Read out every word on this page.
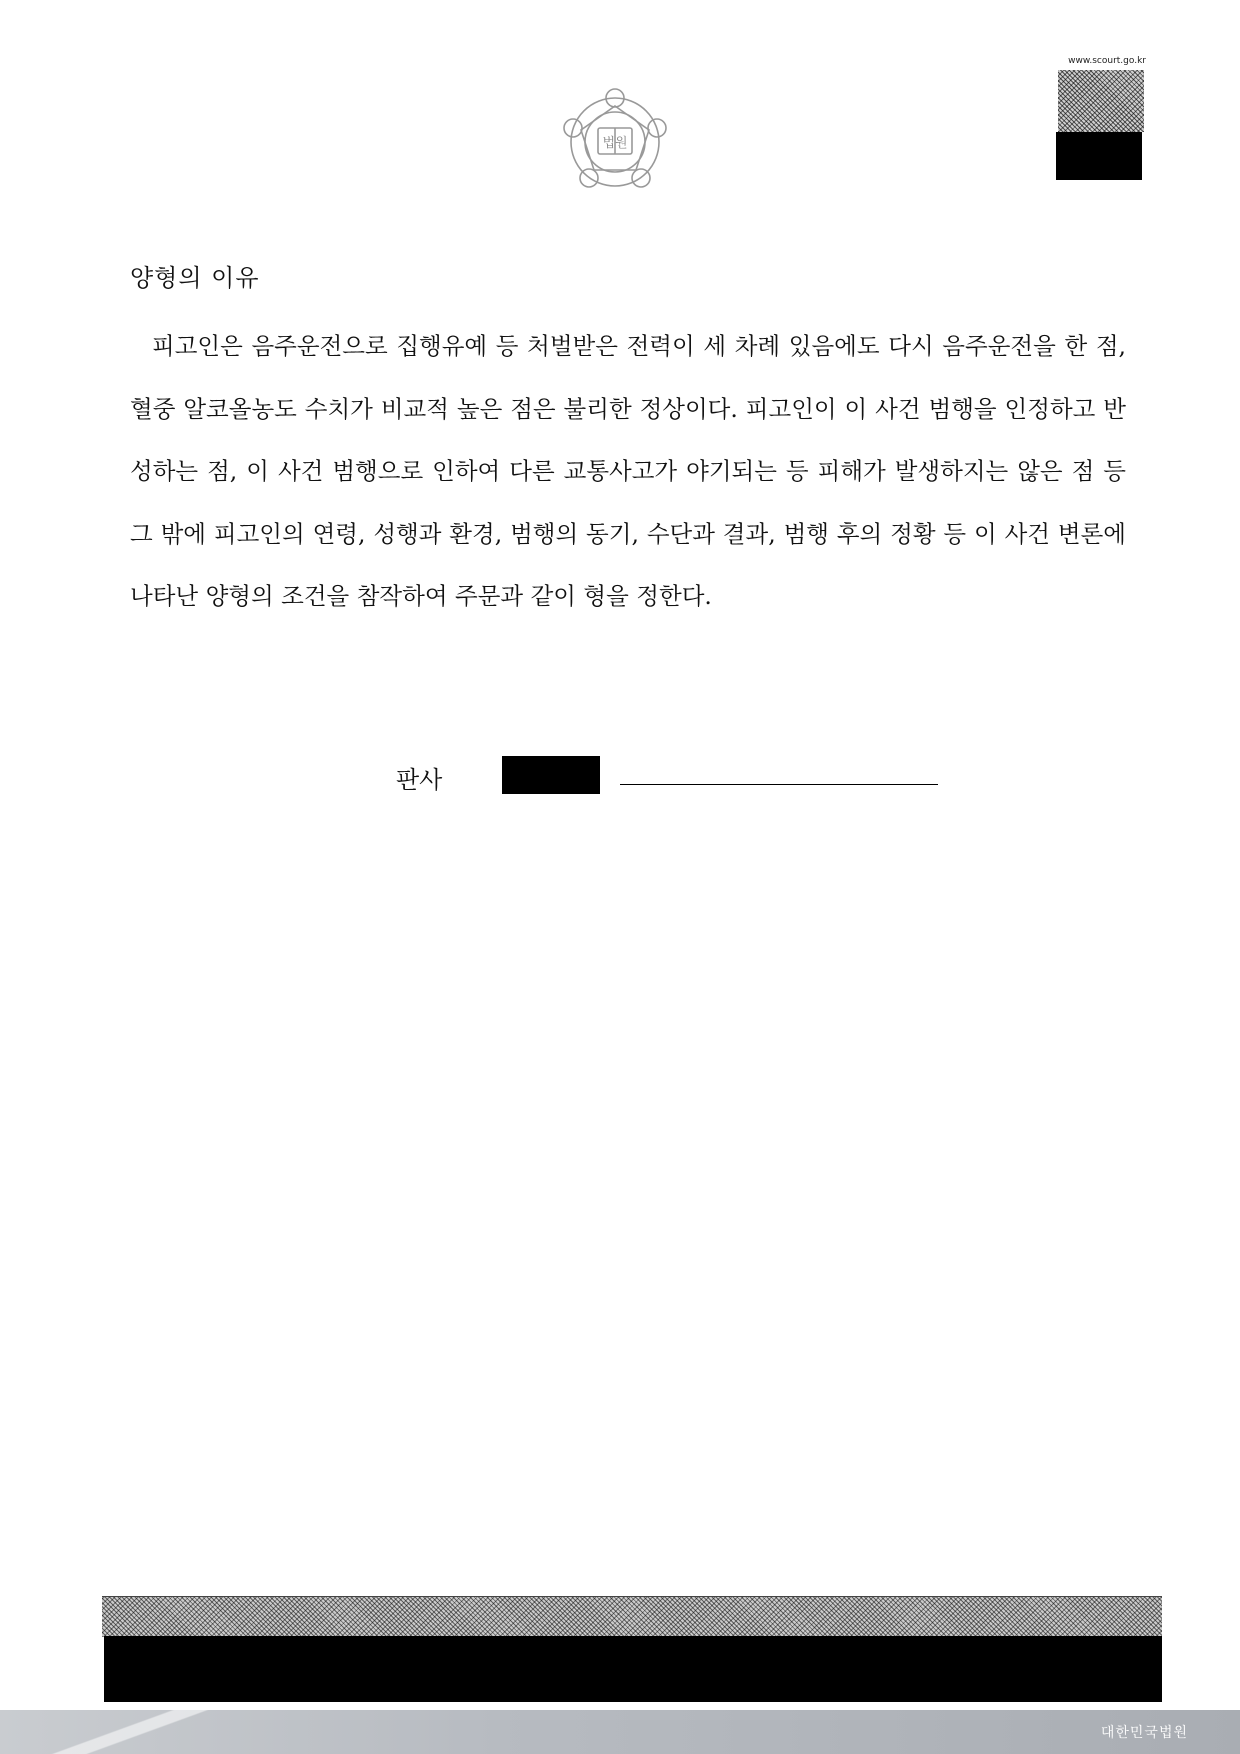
www.scourt.go.kr
법원
양형의 이유
피고인은 음주운전으로 집행유예 등 처벌받은 전력이 세 차례 있음에도 다시 음주운전을 한 점, 혈중 알코올농도 수치가 비교적 높은 점은 불리한 정상이다. 피고인이 이 사건 범행을 인정하고 반성하는 점, 이 사건 범행으로 인하여 다른 교통사고가 야기되는 등 피해가 발생하지는 않은 점 등 그 밖에 피고인의 연령, 성행과 환경, 범행의 동기, 수단과 결과, 범행 후의 정황 등 이 사건 변론에 나타난 양형의 조건을 참작하여 주문과 같이 형을 정한다.
판사
대한민국법원
